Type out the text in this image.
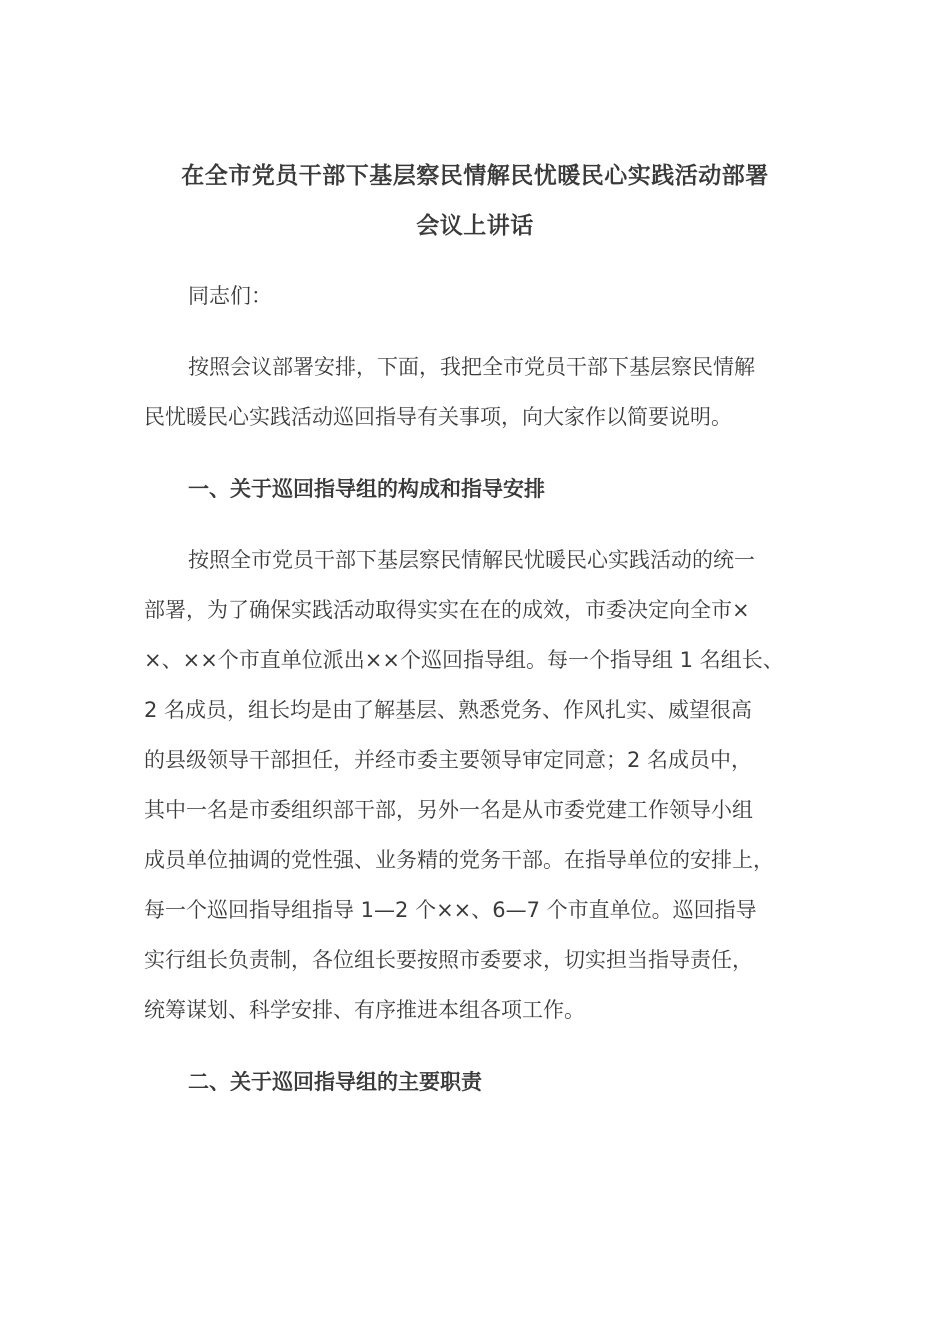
在全市党员干部下基层察民情解民忧暖民心实践活动部署
会议上讲话
同志们：
按照会议部署安排，下面，我把全市党员干部下基层察民情解
民忧暖民心实践活动巡回指导有关事项，向大家作以简要说明。
一、关于巡回指导组的构成和指导安排
按照全市党员干部下基层察民情解民忧暖民心实践活动的统一
部署，为了确保实践活动取得实实在在的成效，市委决定向全市×
×、××个市直单位派出××个巡回指导组。每一个指导组 1 名组长、
2 名成员，组长均是由了解基层、熟悉党务、作风扎实、威望很高
的县级领导干部担任，并经市委主要领导审定同意；2 名成员中，
其中一名是市委组织部干部，另外一名是从市委党建工作领导小组
成员单位抽调的党性强、业务精的党务干部。在指导单位的安排上，
每一个巡回指导组指导 1—2 个××、6—7 个市直单位。巡回指导
实行组长负责制，各位组长要按照市委要求，切实担当指导责任，
统筹谋划、科学安排、有序推进本组各项工作。
二、关于巡回指导组的主要职责
